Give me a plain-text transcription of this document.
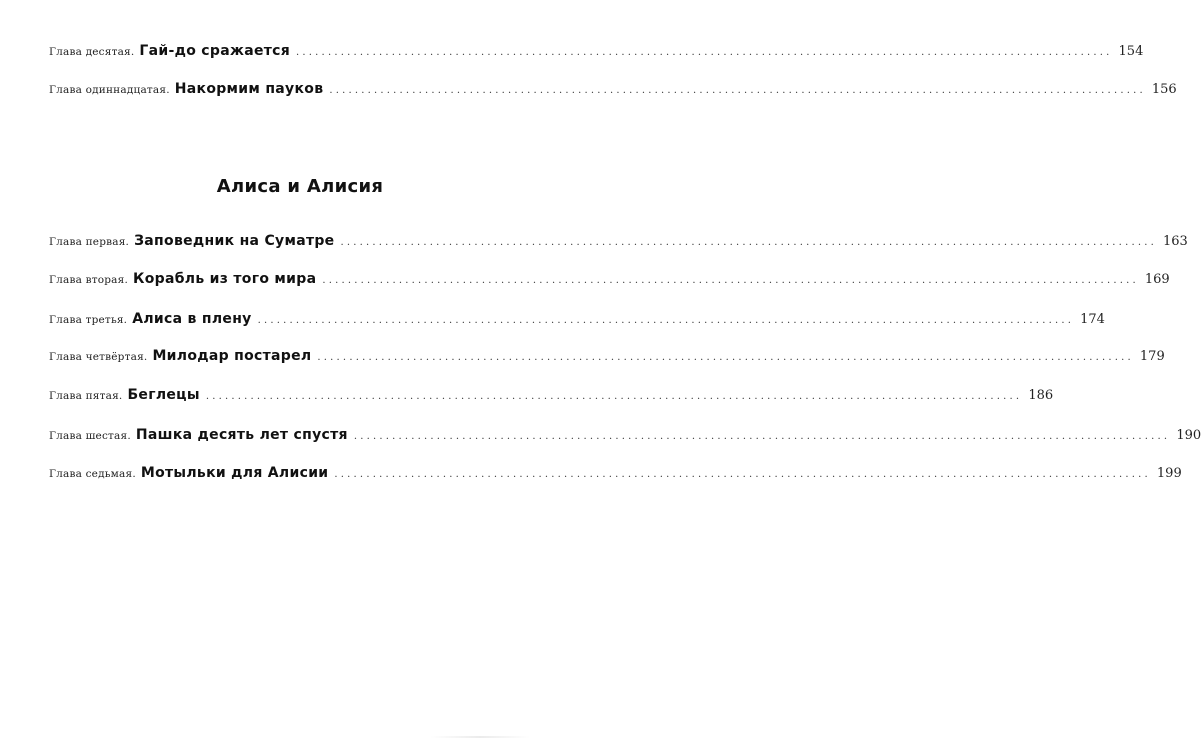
Глава десятая. Гай-до сражается ................................................................................................................................ 154
Глава одиннадцатая. Накормим пауков ................................................................................................................................ 156
Алиса и Алисия
Глава первая. Заповедник на Суматре ................................................................................................................................ 163
Глава вторая. Корабль из того мира ................................................................................................................................ 169
Глава третья. Алиса в плену ................................................................................................................................ 174
Глава четвёртая. Милодар постарел ................................................................................................................................ 179
Глава пятая. Беглецы ................................................................................................................................ 186
Глава шестая. Пашка десять лет спустя ................................................................................................................................ 190
Глава седьмая. Мотыльки для Алисии ................................................................................................................................ 199
